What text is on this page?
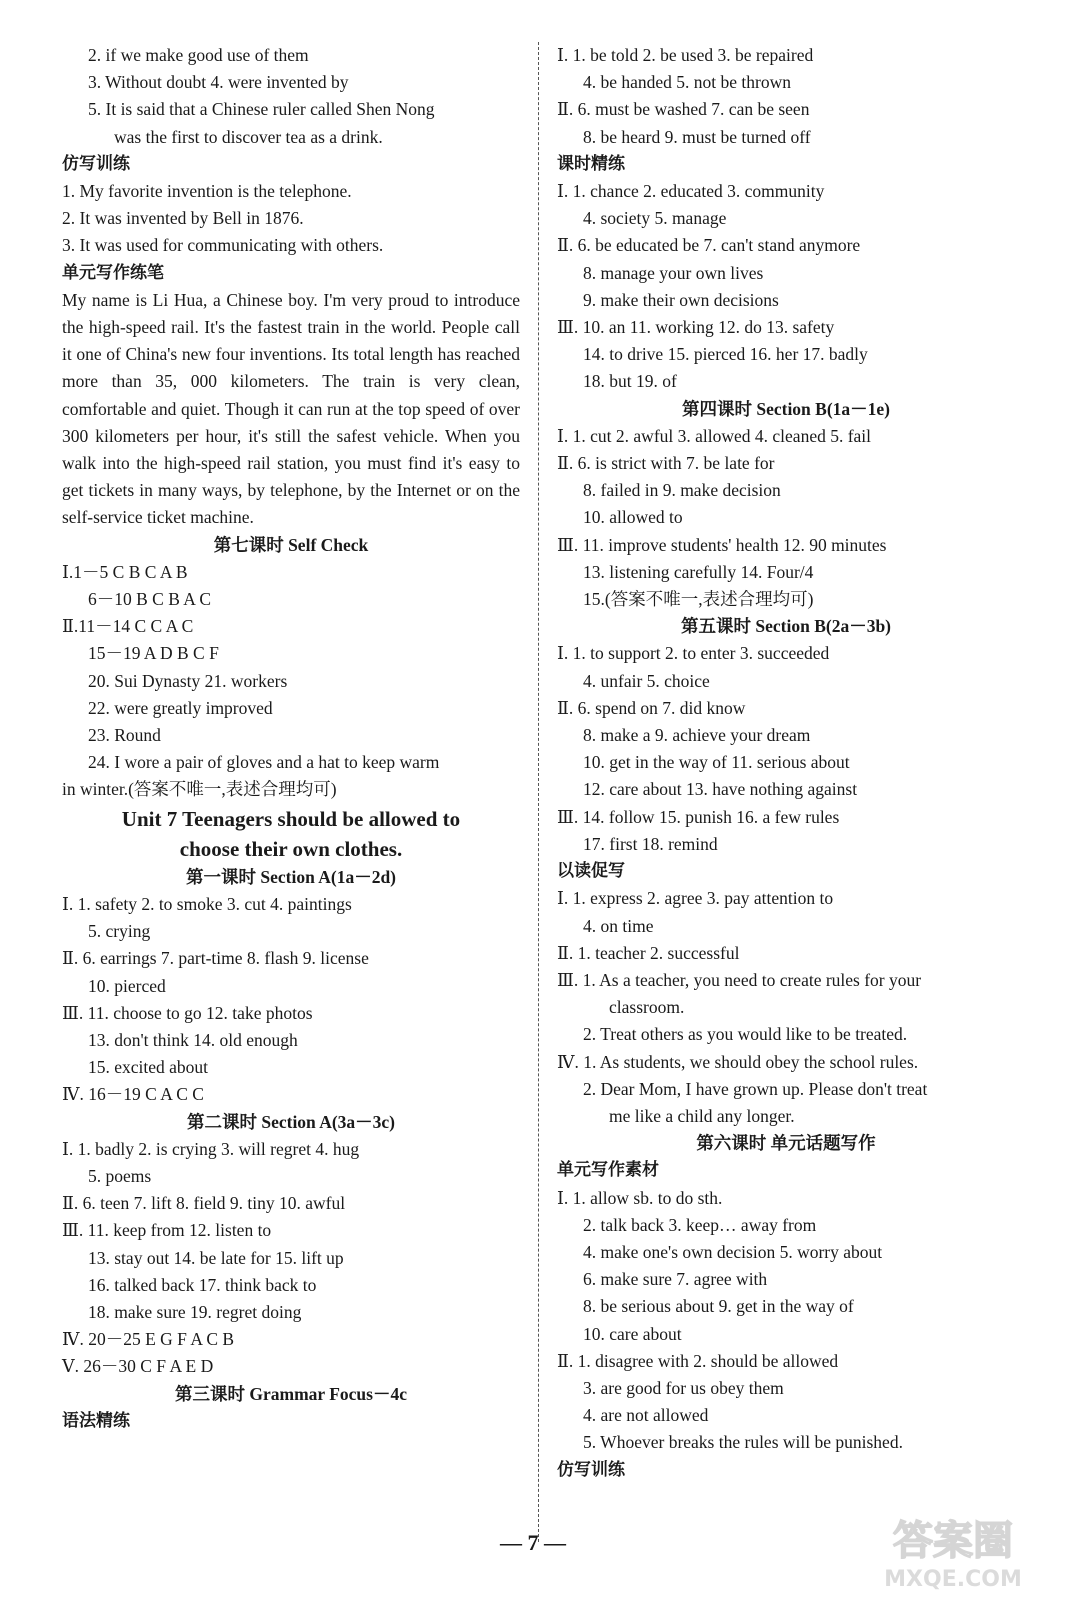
2. if we make good use of them
3. Without doubt 4. were invented by
5. It is said that a Chinese ruler called Shen Nong
was the first to discover tea as a drink.
仿写训练
1. My favorite invention is the telephone.
2. It was invented by Bell in 1876.
3. It was used for communicating with others.
单元写作练笔
My name is Li Hua, a Chinese boy. I'm very proud to introduce the high-speed rail. It's the fastest train in the world. People call it one of China's new four inventions. Its total length has reached more than 35, 000 kilometers. The train is very clean, comfortable and quiet. Though it can run at the top speed of over 300 kilometers per hour, it's still the safest vehicle. When you walk into the high-speed rail station, you must find it's easy to get tickets in many ways, by telephone, by the Internet or on the self-service ticket machine.
第七课时 Self Check
Ⅰ.1－5 C B C A B
6－10 B C B A C
Ⅱ.11－14 C C A C
15－19 A D B C F
20. Sui Dynasty 21. workers
22. were greatly improved
23. Round
24. I wore a pair of gloves and a hat to keep warm
in winter.(答案不唯一,表述合理均可)
Unit 7 Teenagers should be allowed to
choose their own clothes.
第一课时 Section A(1a－2d)
Ⅰ. 1. safety 2. to smoke 3. cut 4. paintings
5. crying
Ⅱ. 6. earrings 7. part-time 8. flash 9. license
10. pierced
Ⅲ. 11. choose to go 12. take photos
13. don't think 14. old enough
15. excited about
Ⅳ. 16－19 C A C C
第二课时 Section A(3a－3c)
Ⅰ. 1. badly 2. is crying 3. will regret 4. hug
5. poems
Ⅱ. 6. teen 7. lift 8. field 9. tiny 10. awful
Ⅲ. 11. keep from 12. listen to
13. stay out 14. be late for 15. lift up
16. talked back 17. think back to
18. make sure 19. regret doing
Ⅳ. 20－25 E G F A C B
Ⅴ. 26－30 C F A E D
第三课时 Grammar Focus－4c
语法精练
Ⅰ. 1. be told 2. be used 3. be repaired
4. be handed 5. not be thrown
Ⅱ. 6. must be washed 7. can be seen
8. be heard 9. must be turned off
课时精练
Ⅰ. 1. chance 2. educated 3. community
4. society 5. manage
Ⅱ. 6. be educated be 7. can't stand anymore
8. manage your own lives
9. make their own decisions
Ⅲ. 10. an 11. working 12. do 13. safety
14. to drive 15. pierced 16. her 17. badly
18. but 19. of
第四课时 Section B(1a－1e)
Ⅰ. 1. cut 2. awful 3. allowed 4. cleaned 5. fail
Ⅱ. 6. is strict with 7. be late for
8. failed in 9. make decision
10. allowed to
Ⅲ. 11. improve students' health 12. 90 minutes
13. listening carefully 14. Four/4
15.(答案不唯一,表述合理均可)
第五课时 Section B(2a－3b)
Ⅰ. 1. to support 2. to enter 3. succeeded
4. unfair 5. choice
Ⅱ. 6. spend on 7. did know
8. make a 9. achieve your dream
10. get in the way of 11. serious about
12. care about 13. have nothing against
Ⅲ. 14. follow 15. punish 16. a few rules
17. first 18. remind
以读促写
Ⅰ. 1. express 2. agree 3. pay attention to
4. on time
Ⅱ. 1. teacher 2. successful
Ⅲ. 1. As a teacher, you need to create rules for your
classroom.
2. Treat others as you would like to be treated.
Ⅳ. 1. As students, we should obey the school rules.
2. Dear Mom, I have grown up. Please don't treat
me like a child any longer.
第六课时 单元话题写作
单元写作素材
Ⅰ. 1. allow sb. to do sth.
2. talk back 3. keep… away from
4. make one's own decision 5. worry about
6. make sure 7. agree with
8. be serious about 9. get in the way of
10. care about
Ⅱ. 1. disagree with 2. should be allowed
3. are good for us obey them
4. are not allowed
5. Whoever breaks the rules will be punished.
仿写训练
— 7 —	答案圈
MXQE.COM
